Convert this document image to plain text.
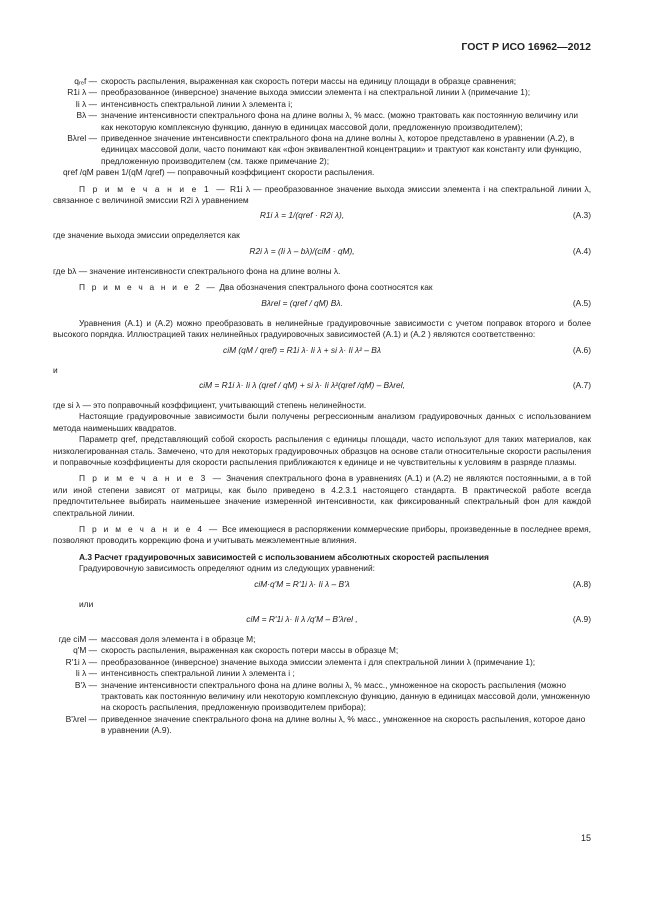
ГОСТ Р ИСО 16962—2012

qᵣₑf — скорость распыления, выраженная как скорость потери массы на единицу площади в образце сравнения;

R1i λ — преобразованное (инверсное) значение выхода эмиссии элемента i на спектральной линии λ (примечание 1);

Ii λ — интенсивность спектральной линии λ элемента i;

Bλ — значение интенсивности спектрального фона на длине волны λ, % масс. (можно трактовать как постоянную величину или как некоторую комплексную функцию, данную в единицах массовой доли, предложенную производителем);

Bλrel — приведенное значение интенсивности спектрального фона на длине волны λ, которое представлено в уравнении (А.2), в единицах массовой доли, часто понимают как «фон эквивалентной концентрации» и трактуют как константу или функцию, предложенную производителем (см. также примечание 2);

qref /qM равен 1/(qM /qref) — поправочный коэффициент скорости распыления.

П р и м е ч а н и е 1 — R1i λ — преобразованное значение выхода эмиссии элемента i на спектральной линии λ, связанное с величиной эмиссии R2i λ уравнением

R1i λ = 1/(qref · R2i λ),	(A.3)

где значение выхода эмиссии определяется как

R2i λ = (Ii λ – bλ)/(ciM · qM),	(A.4)

где bλ — значение интенсивности спектрального фона на длине волны λ.

П р и м е ч а н и е 2 — Два обозначения спектрального фона соотносятся как

Bλrel = (qref / qM) Bλ.	(A.5)

Уравнения (А.1) и (А.2) можно преобразовать в нелинейные градуировочные зависимости с учетом поправок второго и более высокого порядка. Иллюстрацией таких нелинейных градуировочных зависимостей (А.1) и (А.2 ) являются соответственно:

ciM (qM / qref) = R1i λ· Ii λ + si λ· Ii λ² – Bλ	(A.6)

и

ciM = R1i λ· Ii λ (qref / qM) + si λ· Ii λ²(qref /qM) – Bλrel,	(A.7)

где si λ — это поправочный коэффициент, учитывающий степень нелинейности.

Настоящие градуировочные зависимости были получены регрессионным анализом градуировочных данных с использованием метода наименьших квадратов.

Параметр qref, представляющий собой скорость распыления с единицы площади, часто используют для таких материалов, как низколегированная сталь. Замечено, что для некоторых градуировочных образцов на основе стали относительные скорости распыления и поправочные коэффициенты для скорости распыления приближаются к единице и не чувствительны к условиям в разряде плазмы.

П р и м е ч а н и е 3 — Значения спектрального фона в уравнениях (А.1) и (А.2) не являются постоянными, а в той или иной степени зависят от матрицы, как было приведено в 4.2.3.1 настоящего стандарта. В практической работе всегда предпочтительнее выбирать наименьшее значение измеренной интенсивности, как фиксированный спектральный фон для каждой спектральной линии.

П р и м е ч а н и е 4 — Все имеющиеся в распоряжении коммерческие приборы, произведенные в последнее время, позволяют проводить коррекцию фона и учитывать межэлементные влияния.

А.3 Расчет градуировочных зависимостей с использованием абсолютных скоростей распыления

Градуировочную зависимость определяют одним из следующих уравнений:

ciM·q'M = R'1i λ· Ii λ – B'λ	(A.8)

или

ciM = R'1i λ· Ii λ /q'M – B'λrel ,	(A.9)

где ciM — массовая доля элемента i в образце M;

q'M — скорость распыления, выраженная как скорость потери массы в образце M;

R'1i λ — преобразованное (инверсное) значение выхода эмиссии элемента i для спектральной линии λ (примечание 1);

Ii λ — интенсивность спектральной линии λ элемента i ;

B'λ — значение интенсивности спектрального фона на длине волны λ, % масс., умноженное на скорость распыления (можно трактовать как постоянную величину или некоторую комплексную функцию, данную в единицах массовой доли, умноженную на скорость распыления, предложенную производителем прибора);

B'λrel — приведенное значение спектрального фона на длине волны λ, % масс., умноженное на скорость распыления, которое дано в уравнении (А.9).

15
